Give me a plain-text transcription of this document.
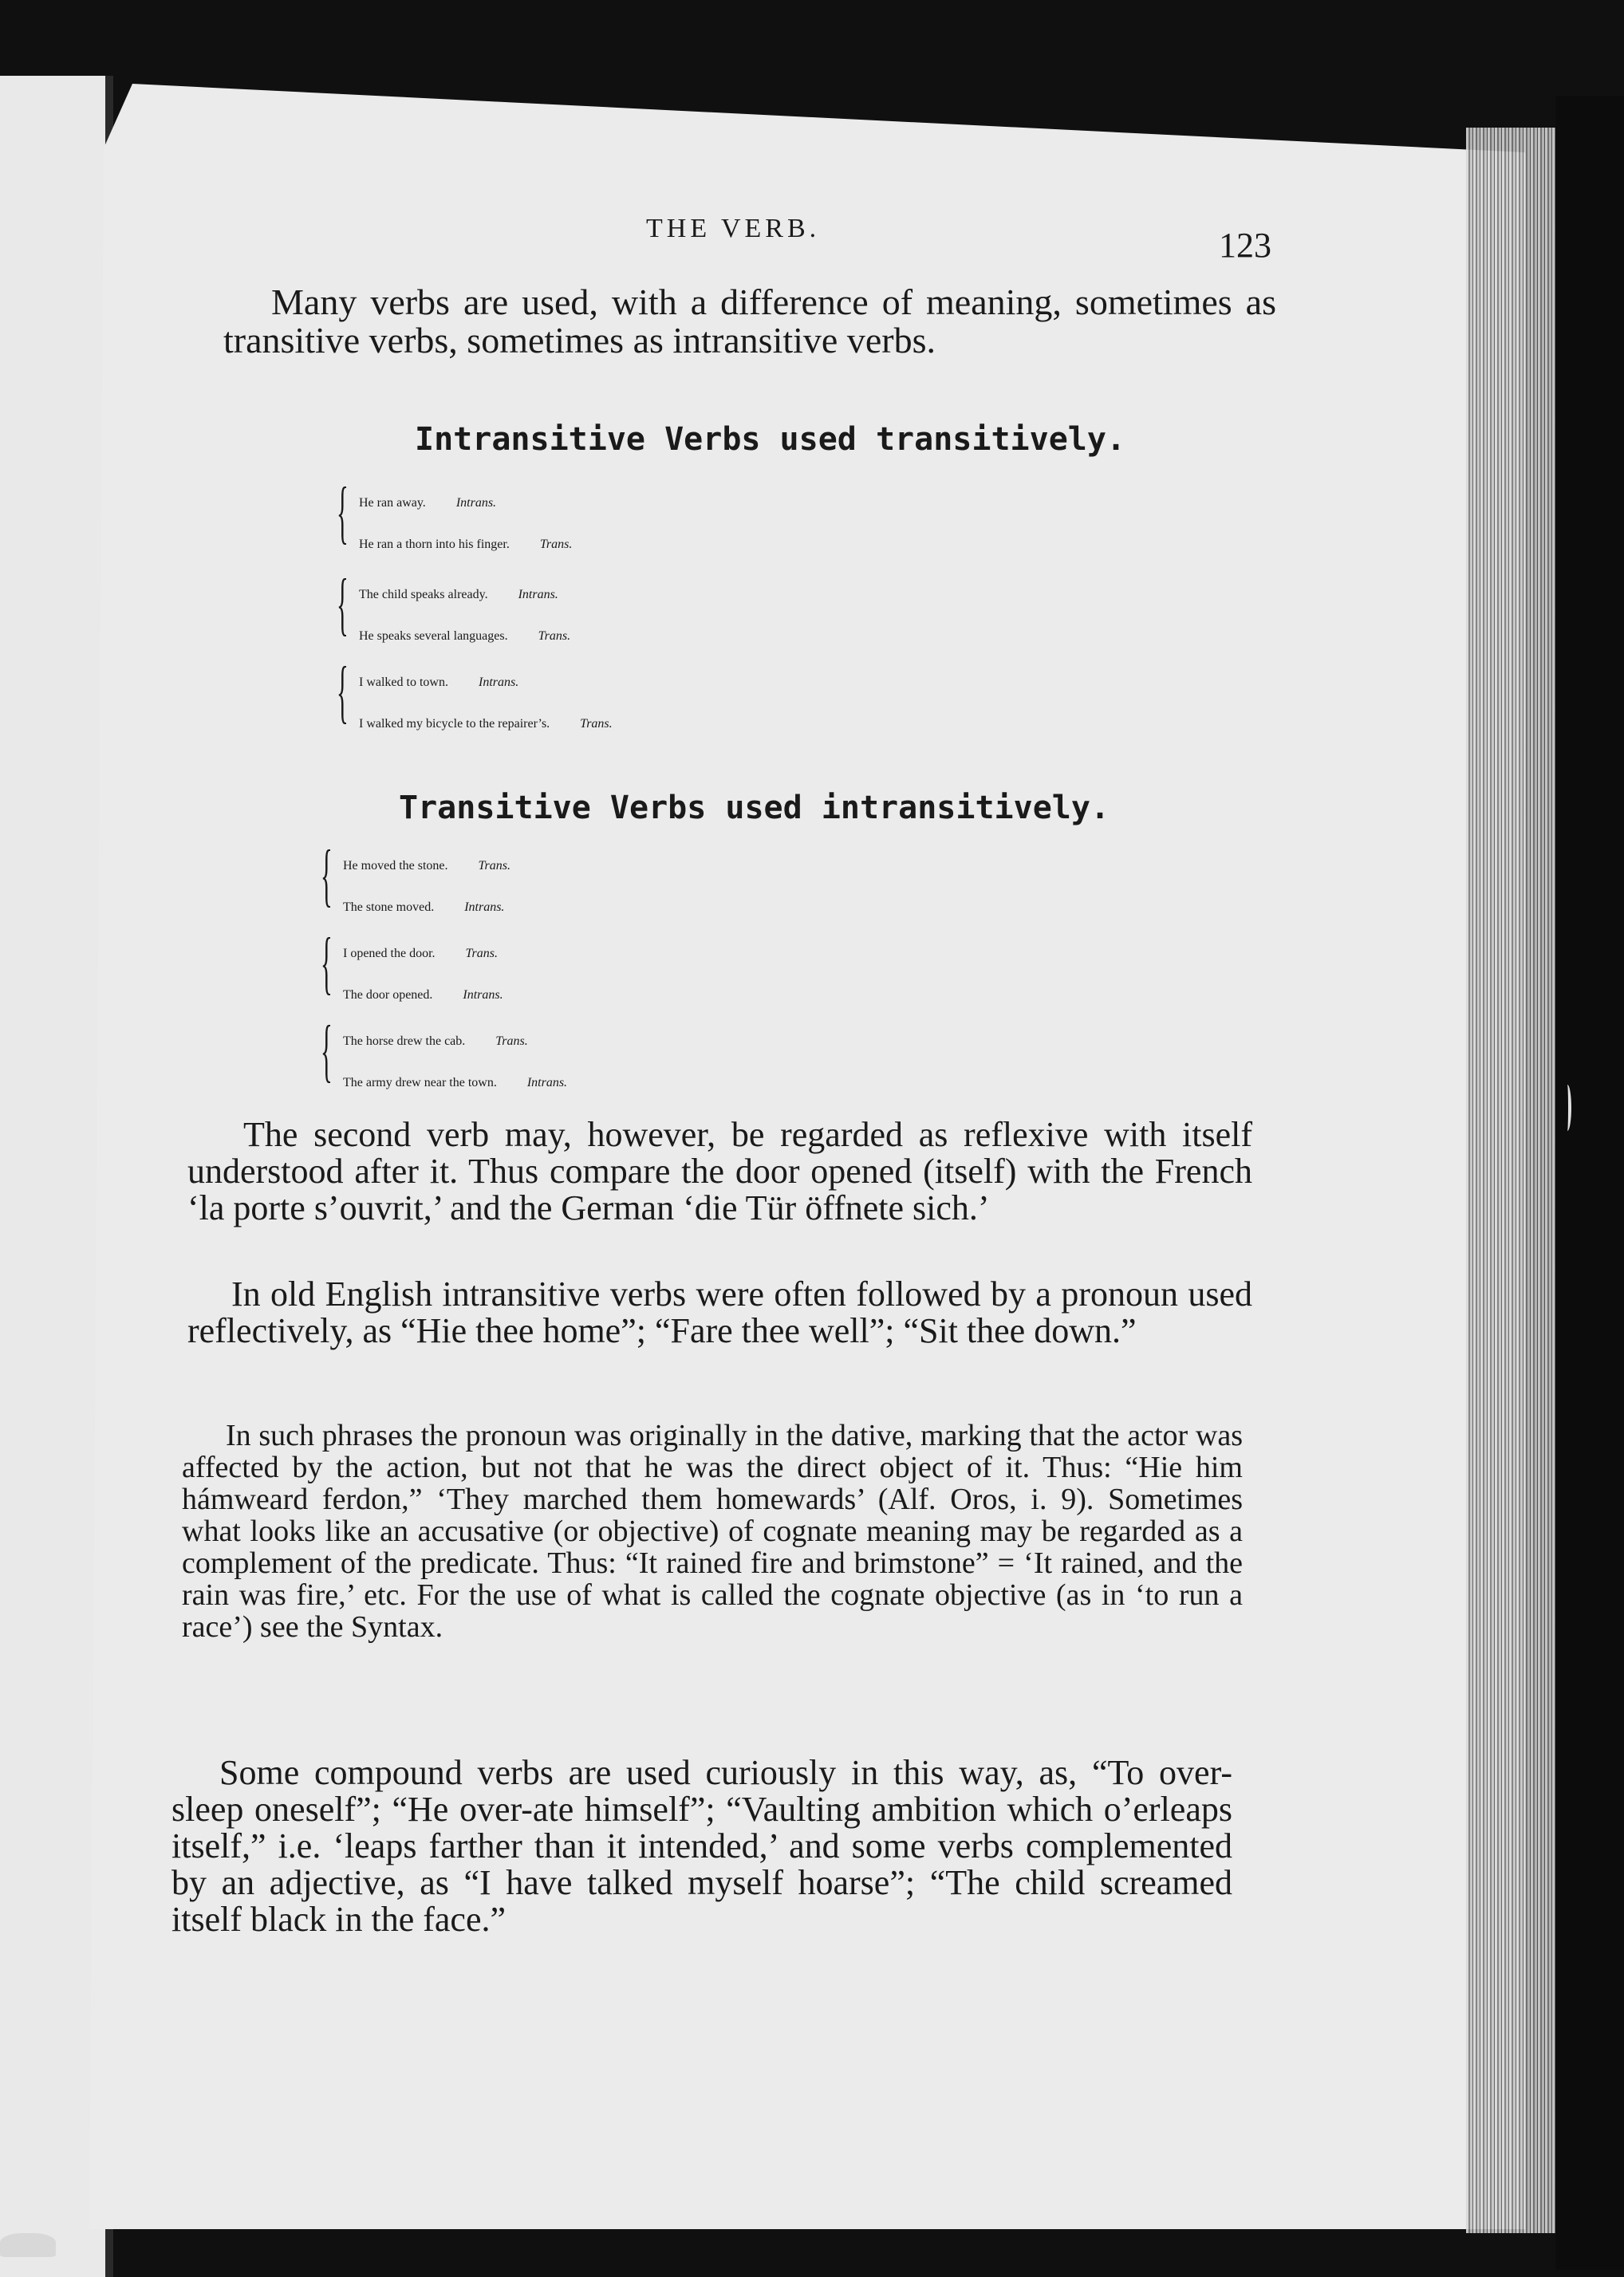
THE VERB.	123
Many verbs are used, with a difference of meaning, sometimes as transitive verbs, sometimes as intransitive verbs.
Intransitive Verbs used transitively.
{ He ran away. Intrans.
He ran a thorn into his finger. Trans.
{ The child speaks already. Intrans.
He speaks several languages. Trans.
{ I walked to town. Intrans.
I walked my bicycle to the repairer’s. Trans.
Transitive Verbs used intransitively.
{ He moved the stone. Trans.
The stone moved. Intrans.
{ I opened the door. Trans.
The door opened. Intrans.
{ The horse drew the cab. Trans.
The army drew near the town. Intrans.
The second verb may, however, be regarded as reflexive with itself understood after it. Thus compare the door opened (itself) with the French ‘la porte s’ouvrit,’ and the German ‘die Tür öffnete sich.’
In old English intransitive verbs were often followed by a pronoun used reflectively, as “Hie thee home”; “Fare thee well”; “Sit thee down.”
In such phrases the pronoun was originally in the dative, marking that the actor was affected by the action, but not that he was the direct object of it. Thus: “Hie him hámweard ferdon,” ‘They marched them homewards’ (Alf. Oros, i. 9). Sometimes what looks like an accusative (or objective) of cognate meaning may be regarded as a complement of the predicate. Thus: “It rained fire and brimstone” = ‘It rained, and the rain was fire,’ etc. For the use of what is called the cognate objective (as in ‘to run a race’) see the Syntax.
Some compound verbs are used curiously in this way, as, “To over-sleep oneself”; “He over-ate himself”; “Vaulting ambition which o’erleaps itself,” i.e. ‘leaps farther than it intended,’ and some verbs complemented by an adjective, as “I have talked myself hoarse”; “The child screamed itself black in the face.”
